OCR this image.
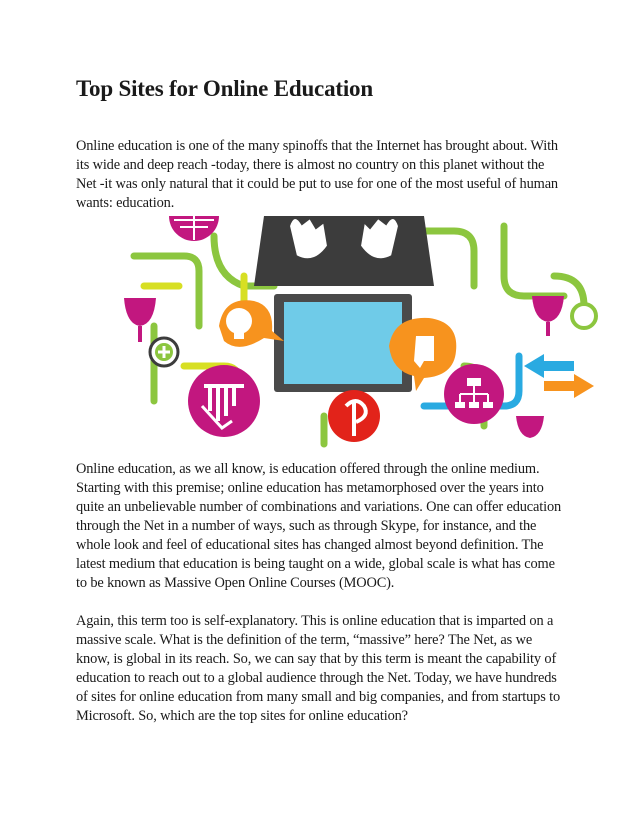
Top Sites for Online Education

Online education is one of the many spinoffs that the Internet has brought about. With its wide and deep reach -today, there is almost no country on this planet without the Net -it was only natural that it could be put to use for one of the most useful of human wants: education.

Online education, as we all know, is education offered through the online medium. Starting with this premise; online education has metamorphosed over the years into quite an unbelievable number of combinations and variations. One can offer education through the Net in a number of ways, such as through Skype, for instance, and the whole look and feel of educational sites has changed almost beyond definition. The latest medium that education is being taught on a wide, global scale is what has come to be known as Massive Open Online Courses (MOOC).

Again, this term too is self-explanatory. This is online education that is imparted on a massive scale. What is the definition of the term, “massive” here? The Net, as we know, is global in its reach. So, we can say that by this term is meant the capability of education to reach out to a global audience through the Net. Today, we have hundreds of sites for online education from many small and big companies, and from startups to Microsoft. So, which are the top sites for online education?
